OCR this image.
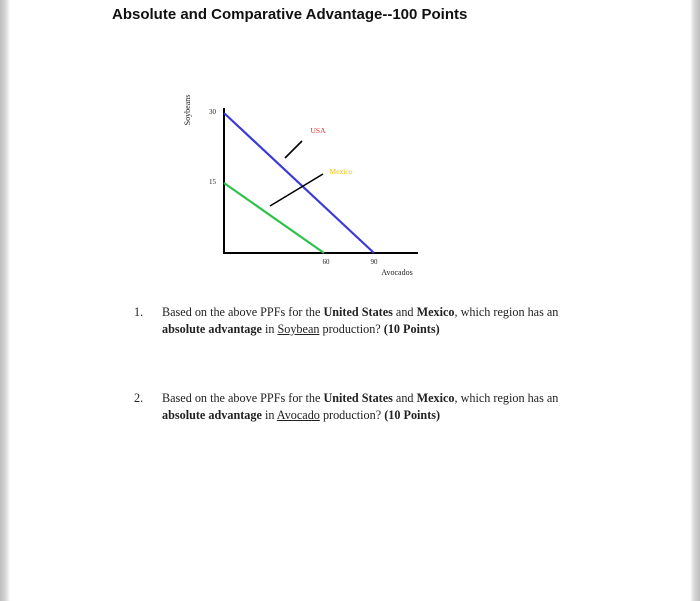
Absolute and Comparative Advantage--100 Points
Soybeans
Avocados
30
15
60	90
USA
Mexico
1. Based on the above PPFs for the United States and Mexico, which region has an absolute advantage in Soybean production? (10 Points)
2. Based on the above PPFs for the United States and Mexico, which region has an absolute advantage in Avocado production? (10 Points)
